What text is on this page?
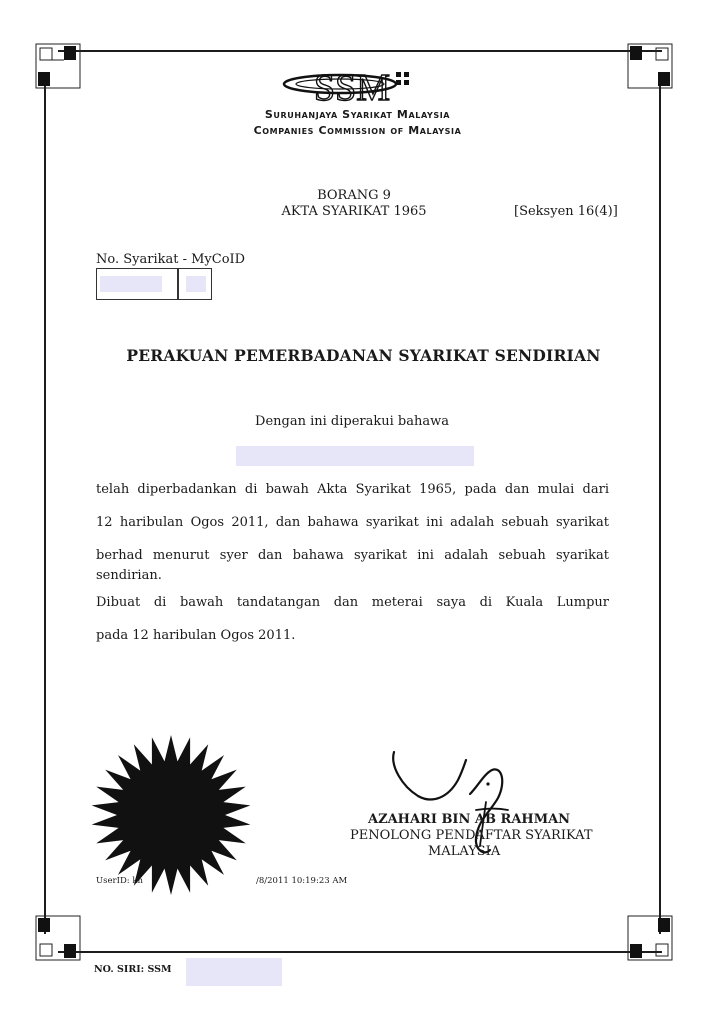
SSM
Suruhanjaya Syarikat Malaysia
Companies Commission of Malaysia
BORANG 9
AKTA SYARIKAT 1965	[Seksyen 16(4)]
No. Syarikat - MyCoID
PERAKUAN PEMERBADANAN SYARIKAT SENDIRIAN
Dengan ini diperakui bahawa
telah diperbadankan di bawah Akta Syarikat 1965, pada dan mulai dari
12 haribulan Ogos 2011, dan bahawa syarikat ini adalah sebuah syarikat
berhad menurut syer dan bahawa syarikat ini adalah sebuah syarikat sendirian.
Dibuat di bawah tandatangan dan meterai saya di Kuala Lumpur
pada 12 haribulan Ogos 2011.
AZAHARI BIN AB RAHMAN
PENOLONG PENDAFTAR SYARIKAT
MALAYSIA
UserID: kh	/8/2011 10:19:23 AM
NO. SIRI: SSM
